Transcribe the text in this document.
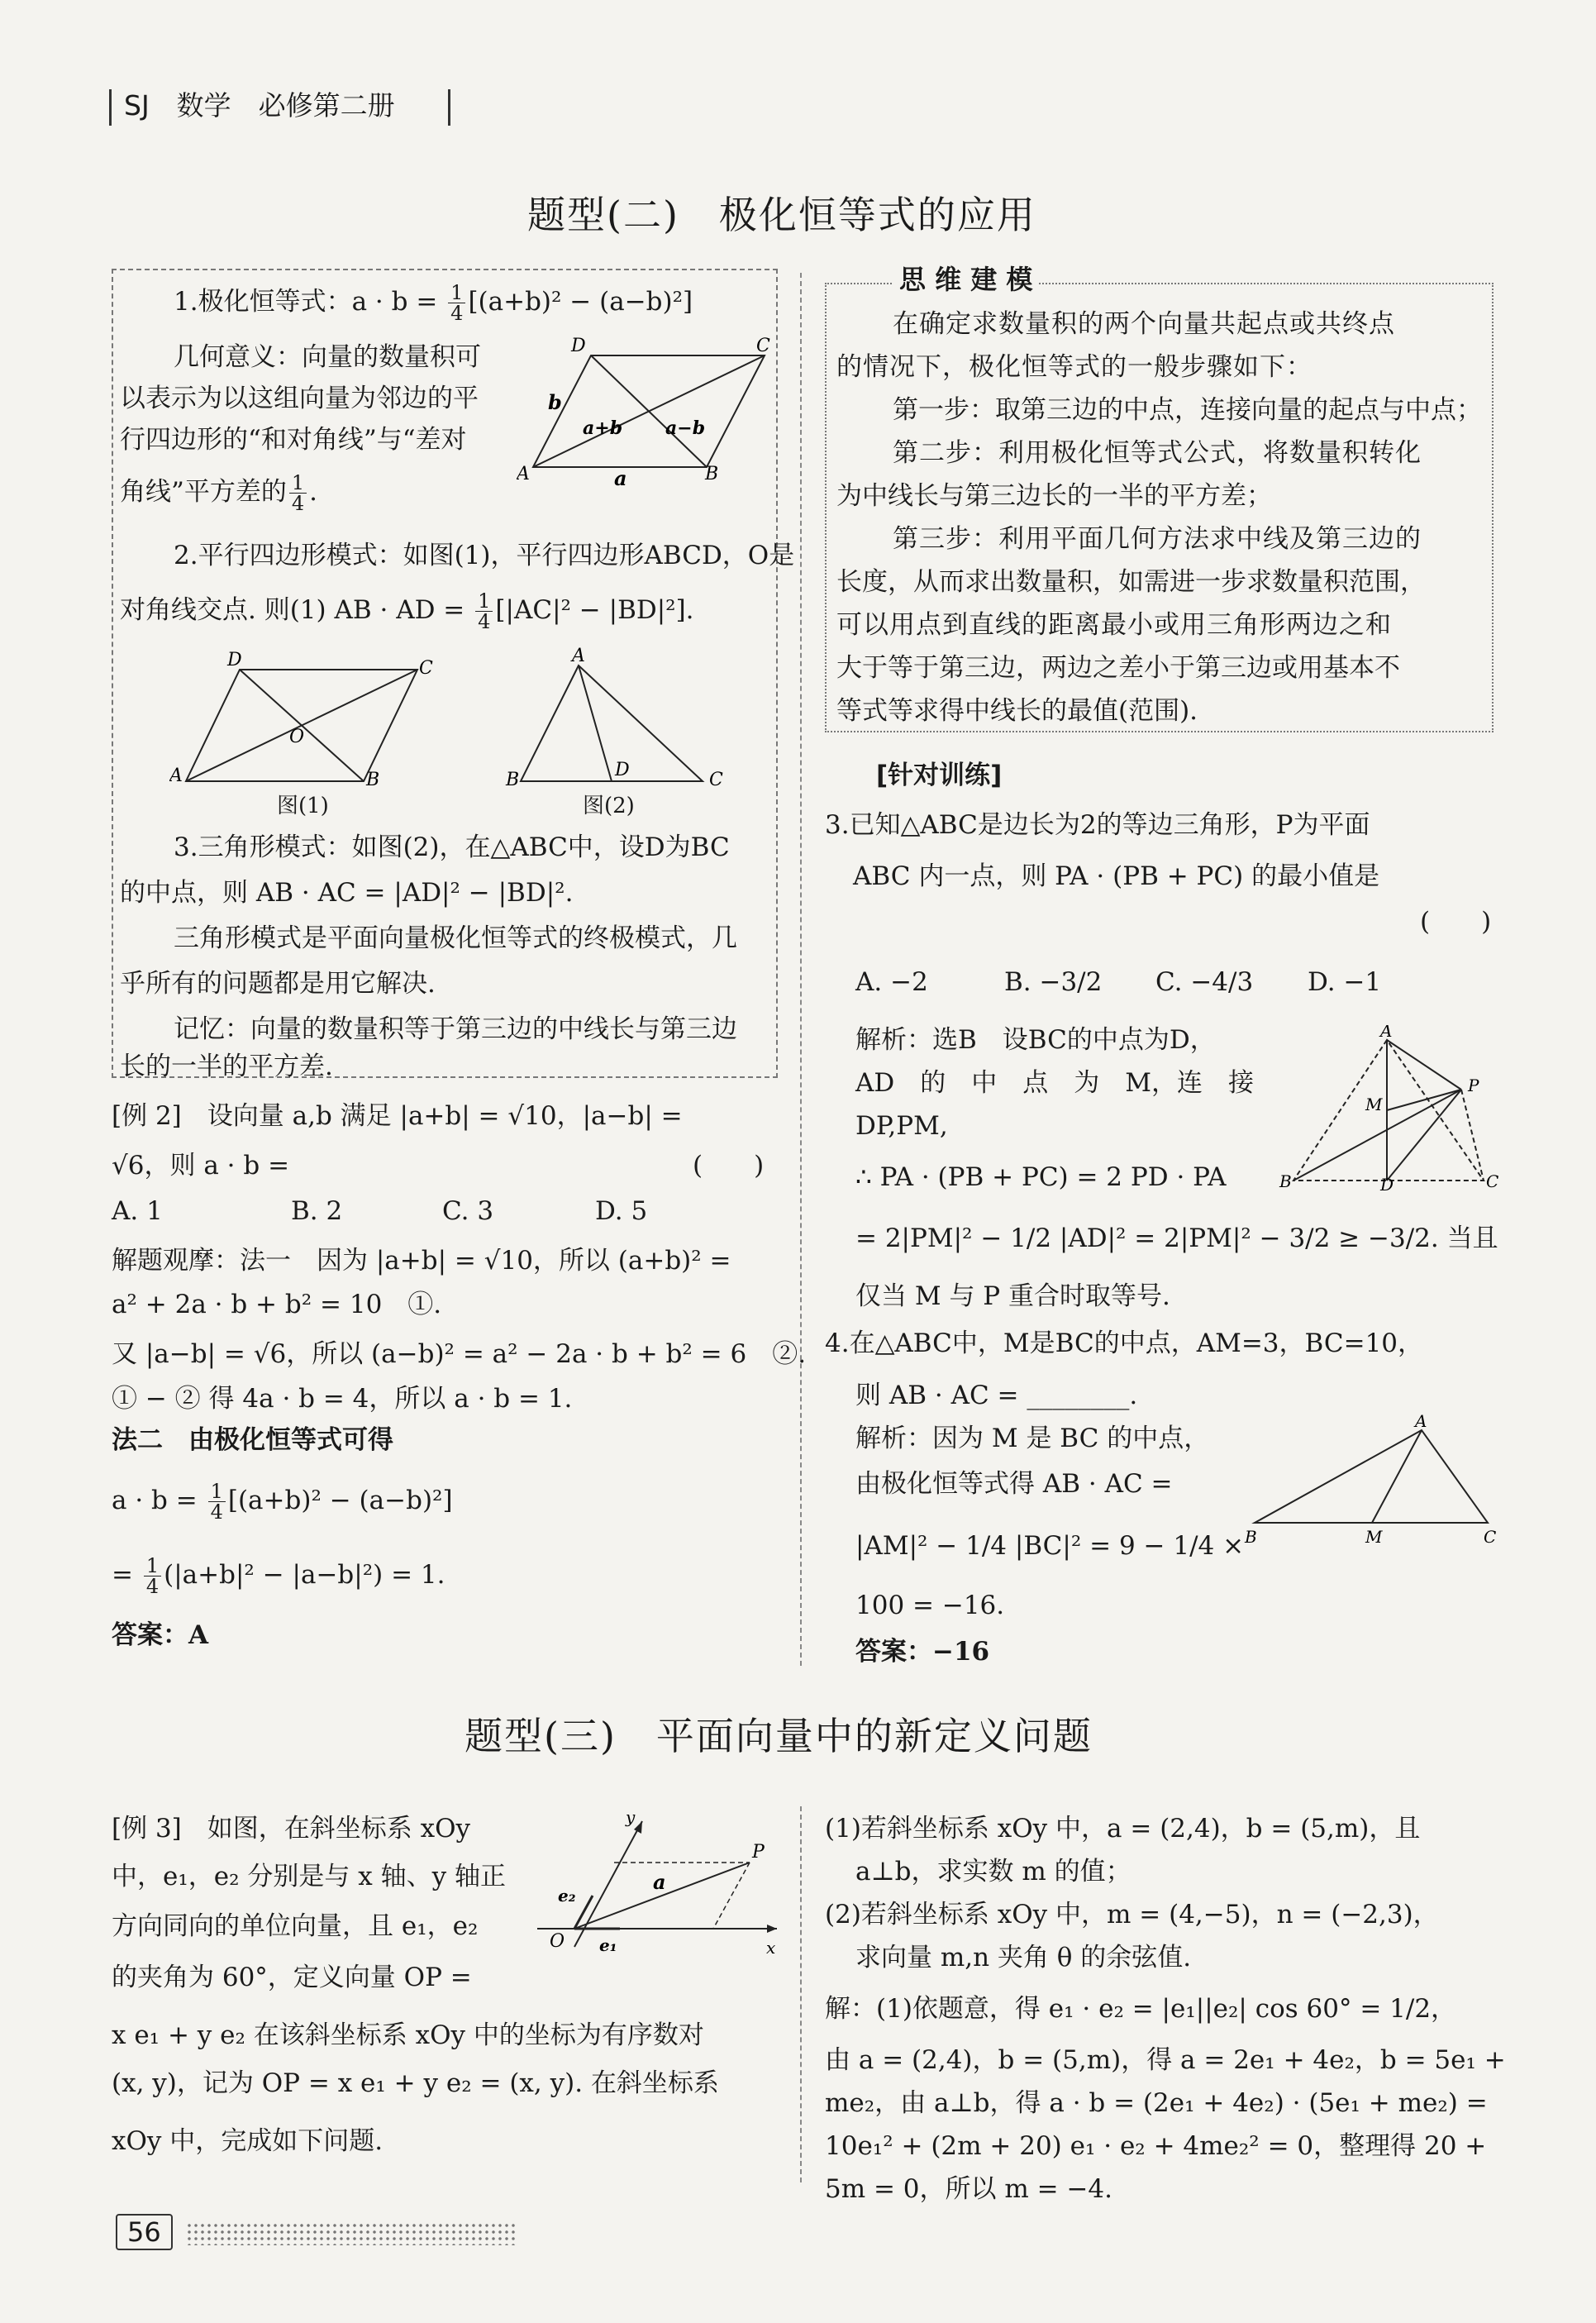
SJ　数学　必修第二册
题型(二)　极化恒等式的应用
1.极化恒等式：$a \cdot b = \frac{1}{4} [(a+b)^2 - (a-b)^2]$
几何意义：向量的数量积可
以表示为以这组向量为邻边的平
行四边形的“和对角线”与“差对
角线”平方差的 $\frac{1}{4}$ .
D	C
A	B
b
a+b a−b
a
2.平行四边形模式：如图(1)，平行四边形ABCD，O是
对角线交点. 则(1) AB · AD = $\frac{1}{4} [|AC|^2 - |BD|^2]$.
D	C
A	B
O
图(1)
A
B	C
D
图(2)
3.三角形模式：如图(2)，在△ABC中，设D为BC
的中点，则 AB · AC = |AD|² − |BD|².
三角形模式是平面向量极化恒等式的终极模式，几
乎所有的问题都是用它解决.
记忆：向量的数量积等于第三边的中线长与第三边
长的一半的平方差.
[例 2]　设向量 a,b 满足 |a+b| = √10，|a−b| =
√6，则 a · b =	(　　)
A. 1	B. 2	C. 3	D. 5
解题观摩：法一　因为 |a+b| = √10，所以 (a+b)² =
a² + 2a · b + b² = 10　①.
又 |a−b| = √6，所以 (a−b)² = a² − 2a · b + b² = 6　②.
① − ② 得 4a · b = 4，所以 a · b = 1.
法二　由极化恒等式可得
$a \cdot b = \frac{1}{4} [(a+b)^2 - (a-b)^2]$
= $\frac{1}{4} (|a+b|^2 - |a-b|^2) = 1$.
答案：A
思 维 建 模
在确定求数量积的两个向量共起点或共终点
的情况下，极化恒等式的一般步骤如下：
第一步：取第三边的中点，连接向量的起点与中点；
第二步：利用极化恒等式公式，将数量积转化
为中线长与第三边长的一半的平方差；
第三步：利用平面几何方法求中线及第三边的
长度，从而求出数量积，如需进一步求数量积范围，
可以用点到直线的距离最小或用三角形两边之和
大于等于第三边，两边之差小于第三边或用基本不
等式等求得中线长的最值(范围).
[针对训练]
3.已知△ABC是边长为2的等边三角形，P为平面
ABC 内一点，则 PA · (PB + PC) 的最小值是
(　　)
A. −2	B. −3/2 C. −4/3 D. −1
解析：选B　设BC的中点为D，
AD　的　中　点　为　M，连　接
DP,PM,
∴ PA · (PB + PC) = 2 PD · PA
= 2|PM|² − 1/2 |AD|² = 2|PM|² − 3/2 ≥ −3/2. 当且
仅当 M 与 P 重合时取等号.
A
P
M
B	D	C
4.在△ABC中，M是BC的中点，AM=3，BC=10，
则 AB · AC = ________.
解析：因为 M 是 BC 的中点，
由极化恒等式得 AB · AC =
|AM|² − 1/4 |BC|² = 9 − 1/4 ×
100 = −16.
答案：−16
A
B	M	C
题型(三)　平面向量中的新定义问题
[例 3]　如图，在斜坐标系 xOy
中，e₁，e₂ 分别是与 x 轴、y 轴正
方向同向的单位向量，且 e₁，e₂
的夹角为 60°，定义向量 OP =
x e₁ + y e₂ 在该斜坐标系 xOy 中的坐标为有序数对
(x, y)，记为 OP = x e₁ + y e₂ = (x, y). 在斜坐标系
xOy 中，完成如下问题.
y
x
O
P
a
e₁
e₂
(1)若斜坐标系 xOy 中，a = (2,4)，b = (5,m)，且
a⊥b，求实数 m 的值；
(2)若斜坐标系 xOy 中，m = (4,−5)，n = (−2,3)，
求向量 m,n 夹角 θ 的余弦值.
解：(1)依题意，得 e₁ · e₂ = |e₁||e₂| cos 60° = 1/2，
由 a = (2,4)，b = (5,m)，得 a = 2e₁ + 4e₂，b = 5e₁ +
me₂，由 a⊥b，得 a · b = (2e₁ + 4e₂) · (5e₁ + me₂) =
10e₁² + (2m + 20) e₁ · e₂ + 4me₂² = 0，整理得 20 +
5m = 0，所以 m = −4.
56
